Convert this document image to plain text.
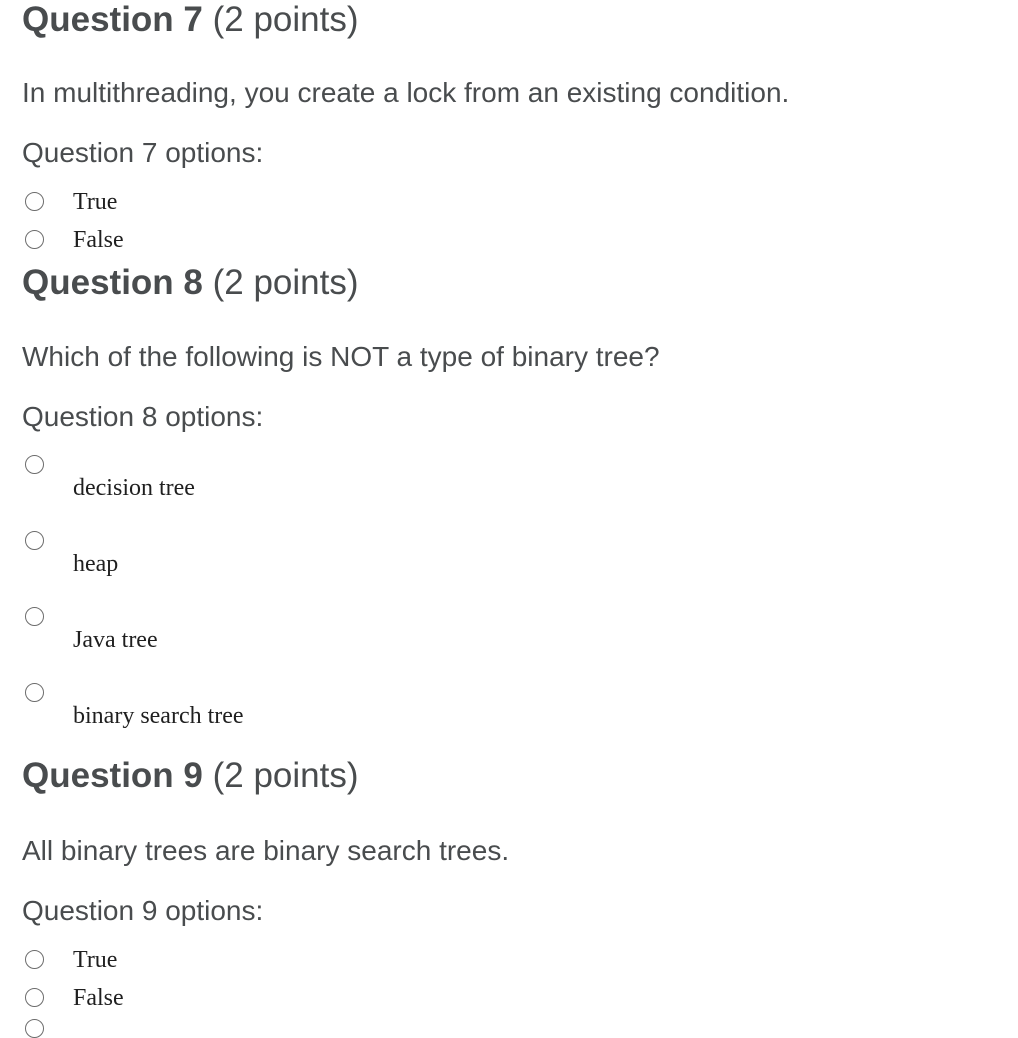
Question 7 (2 points)
In multithreading, you create a lock from an existing condition.
Question 7 options:
True
False
Question 8 (2 points)
Which of the following is NOT a type of binary tree?
Question 8 options:
decision tree
heap
Java tree
binary search tree
Question 9 (2 points)
All binary trees are binary search trees.
Question 9 options:
True
False
